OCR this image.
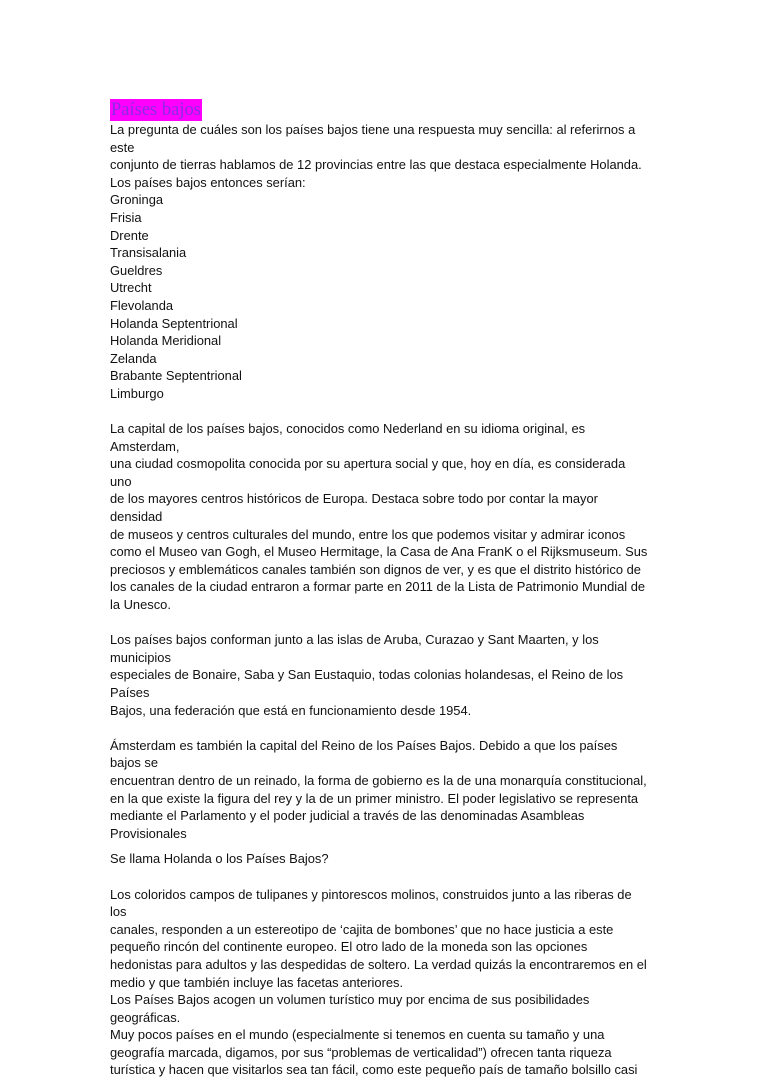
Países bajos

La pregunta de cuáles son los países bajos tiene una respuesta muy sencilla: al referirnos a este
conjunto de tierras hablamos de 12 provincias entre las que destaca especialmente Holanda.
Los países bajos entonces serían:

Groninga
Frisia
Drente
Transisalania
Gueldres
Utrecht
Flevolanda
Holanda Septentrional
Holanda Meridional
Zelanda
Brabante Septentrional
Limburgo

La capital de los países bajos, conocidos como Nederland en su idioma original, es Amsterdam,
una ciudad cosmopolita conocida por su apertura social y que, hoy en día, es considerada uno
de los mayores centros históricos de Europa. Destaca sobre todo por contar la mayor densidad
de museos y centros culturales del mundo, entre los que podemos visitar y admirar iconos
como el Museo van Gogh, el Museo Hermitage, la Casa de Ana FranK o el Rijksmuseum. Sus
preciosos y emblemáticos canales también son dignos de ver, y es que el distrito histórico de
los canales de la ciudad entraron a formar parte en 2011 de la Lista de Patrimonio Mundial de
la Unesco.

Los países bajos conforman junto a las islas de Aruba, Curazao y Sant Maarten, y los municipios
especiales de Bonaire, Saba y San Eustaquio, todas colonias holandesas, el Reino de los Países
Bajos, una federación que está en funcionamiento desde 1954.

Ámsterdam es también la capital del Reino de los Países Bajos. Debido a que los países bajos se
encuentran dentro de un reinado, la forma de gobierno es la de una monarquía constitucional,
en la que existe la figura del rey y la de un primer ministro. El poder legislativo se representa
mediante el Parlamento y el poder judicial a través de las denominadas Asambleas
Provisionales

Se llama Holanda o los Países Bajos?

Los coloridos campos de tulipanes y pintorescos molinos, construidos junto a las riberas de los
canales, responden a un estereotipo de ‘cajita de bombones’ que no hace justicia a este
pequeño rincón del continente europeo. El otro lado de la moneda son las opciones
hedonistas para adultos y las despedidas de soltero. La verdad quizás la encontraremos en el
medio y que también incluye las facetas anteriores.

Los Países Bajos acogen un volumen turístico muy por encima de sus posibilidades geográficas.
Muy pocos países en el mundo (especialmente si tenemos en cuenta su tamaño y una
geografía marcada, digamos, por sus “problemas de verticalidad”) ofrecen tanta riqueza
turística y hacen que visitarlos sea tan fácil, como este pequeño país de tamaño bolsillo casi
